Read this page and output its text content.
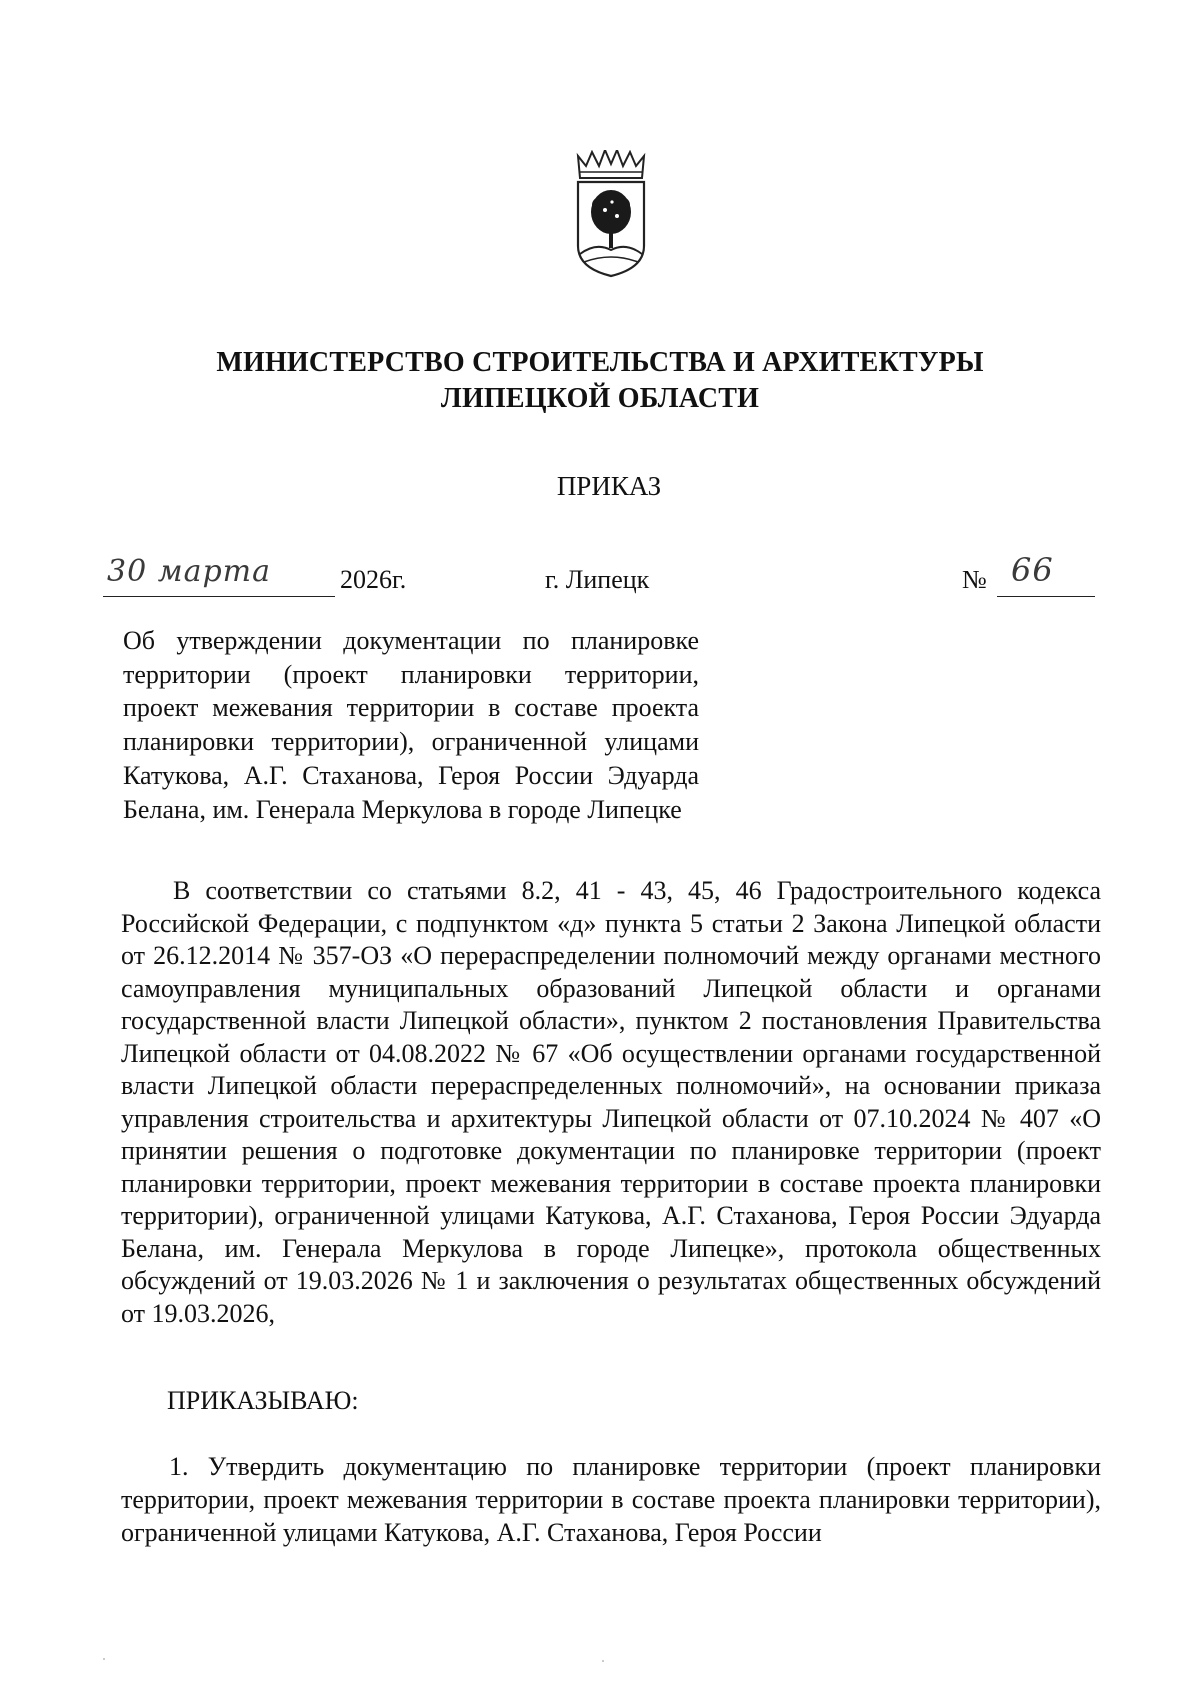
МИНИСТЕРСТВО СТРОИТЕЛЬСТВА И АРХИТЕКТУРЫ
ЛИПЕЦКОЙ ОБЛАСТИ
ПРИКАЗ
30 марта	2026г.	г. Липецк	№ 66
Об утверждении документации по планировке территории (проект планировки территории, проект межевания территории в составе проекта планировки территории), ограниченной улицами Катукова, А.Г. Стаханова, Героя России Эдуарда Белана, им. Генерала Меркулова в городе Липецке

В соответствии со статьями 8.2, 41 - 43, 45, 46 Градостроительного кодекса Российской Федерации, с подпунктом «д» пункта 5 статьи 2 Закона Липецкой области от 26.12.2014 № 357-ОЗ «О перераспределении полномочий между органами местного самоуправления муниципальных образований Липецкой области и органами государственной власти Липецкой области», пунктом 2 постановления Правительства Липецкой области от 04.08.2022 № 67 «Об осуществлении органами государственной власти Липецкой области перераспределенных полномочий», на основании приказа управления строительства и архитектуры Липецкой области от 07.10.2024 № 407 «О принятии решения о подготовке документации по планировке территории (проект планировки территории, проект межевания территории в составе проекта планировки территории), ограниченной улицами Катукова, А.Г. Стаханова, Героя России Эдуарда Белана, им. Генерала Меркулова в городе Липецке», протокола общественных обсуждений от 19.03.2026 № 1 и заключения о результатах общественных обсуждений от 19.03.2026,

ПРИКАЗЫВАЮ:

1. Утвердить документацию по планировке территории (проект планировки территории, проект межевания территории в составе проекта планировки территории), ограниченной улицами Катукова, А.Г. Стаханова, Героя России
